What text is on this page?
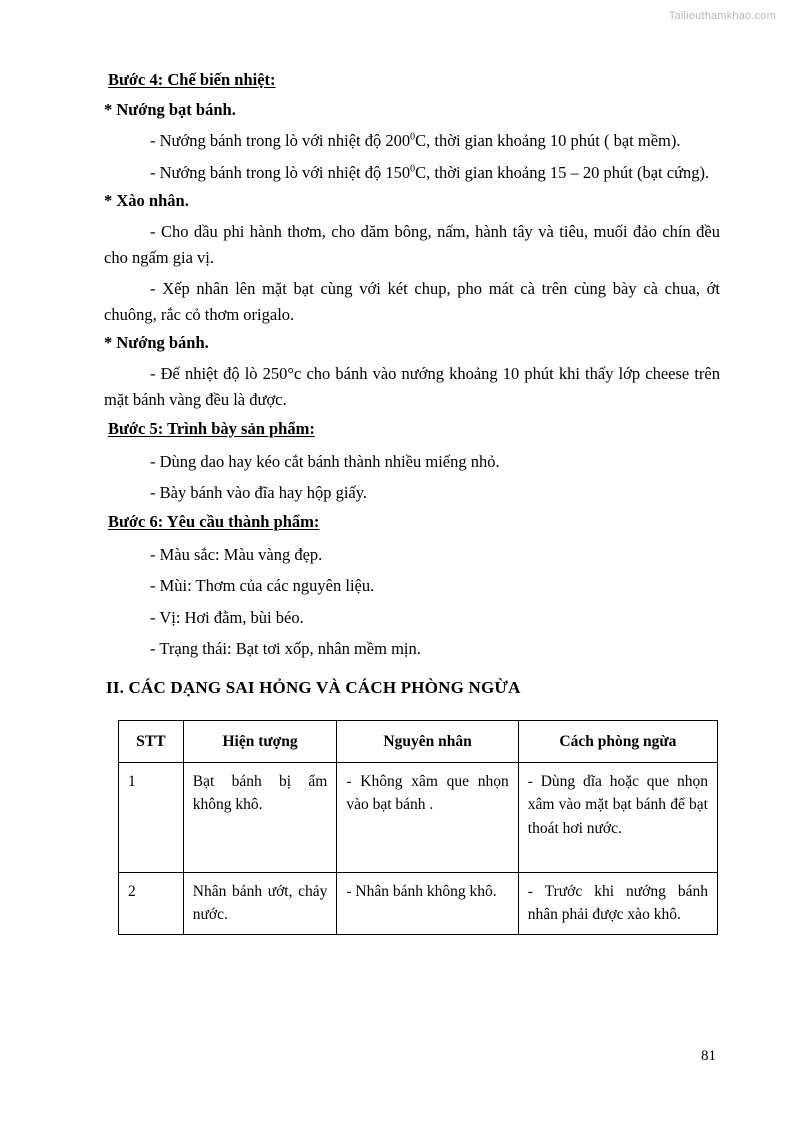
Tailieuthamkhao.com
Bước 4: Chế biến nhiệt:
* Nướng bạt bánh.

- Nướng bánh trong lò với nhiệt độ $200^0C$, thời gian khoảng 10 phút ( bạt mềm).

- Nướng bánh trong lò với nhiệt độ $150^0C$, thời gian khoảng 15 – 20 phút (bạt cứng).

* Xào nhân.

- Cho dầu phi hành thơm, cho dăm bông, nấm, hành tây và tiêu, muối đảo chín đều cho ngấm gia vị.

- Xếp nhân lên mặt bạt cùng với két chup, pho mát cà trên cùng bày cà chua, ớt chuông, rắc cỏ thơm origalo.

* Nướng bánh.

- Để nhiệt độ lò 250°c cho bánh vào nướng khoảng 10 phút khi thấy lớp cheese trên mặt bánh vàng đều là được.

Bước 5: Trình bày sản phẩm:

- Dùng dao hay kéo cắt bánh thành nhiều miếng nhỏ.

- Bày bánh vào đĩa hay hộp giấy.

Bước 6: Yêu cầu thành phẩm:

- Màu sắc: Màu vàng đẹp.

- Mùi: Thơm của các nguyên liệu.

- Vị: Hơi đằm, bùi béo.

- Trạng thái: Bạt tơi xốp, nhân mềm mịn.

II. CÁC DẠNG SAI HỎNG VÀ CÁCH PHÒNG NGỪA
STT	Hiện tượng	Nguyên nhân	Cách phòng ngừa
1	Bạt bánh bị ẩm không khô.	- Không xâm que nhọn vào bạt bánh .	- Dùng dĩa hoặc que nhọn xâm vào mặt bạt bánh để bạt thoát hơi nước.
2	Nhân bánh ướt, chảy nước.	- Nhân bánh không khô.	- Trước khi nướng bánh nhân phải được xào khô.
81
